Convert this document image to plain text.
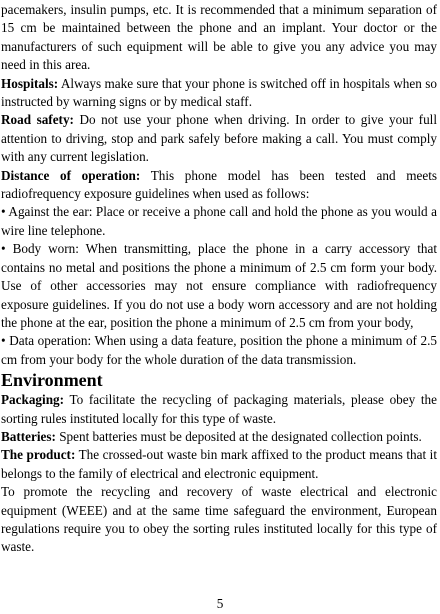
pacemakers, insulin pumps, etc. It is recommended that a minimum separation of 15 cm be maintained between the phone and an implant. Your doctor or the manufacturers of such equipment will be able to give you any advice you may need in this area.

Hospitals: Always make sure that your phone is switched off in hospitals when so instructed by warning signs or by medical staff.

Road safety: Do not use your phone when driving. In order to give your full attention to driving, stop and park safely before making a call. You must comply with any current legislation.

Distance of operation: This phone model has been tested and meets radiofrequency exposure guidelines when used as follows:

• Against the ear: Place or receive a phone call and hold the phone as you would a wire line telephone.

• Body worn: When transmitting, place the phone in a carry accessory that contains no metal and positions the phone a minimum of 2.5 cm form your body. Use of other accessories may not ensure compliance with radiofrequency exposure guidelines. If you do not use a body worn accessory and are not holding the phone at the ear, position the phone a minimum of 2.5 cm from your body,

• Data operation: When using a data feature, position the phone a minimum of 2.5 cm from your body for the whole duration of the data transmission.

Environment

Packaging: To facilitate the recycling of packaging materials, please obey the sorting rules instituted locally for this type of waste.

Batteries: Spent batteries must be deposited at the designated collection points.

The product: The crossed-out waste bin mark affixed to the product means that it belongs to the family of electrical and electronic equipment.

To promote the recycling and recovery of waste electrical and electronic equipment (WEEE) and at the same time safeguard the environment, European regulations require you to obey the sorting rules instituted locally for this type of waste.

5
